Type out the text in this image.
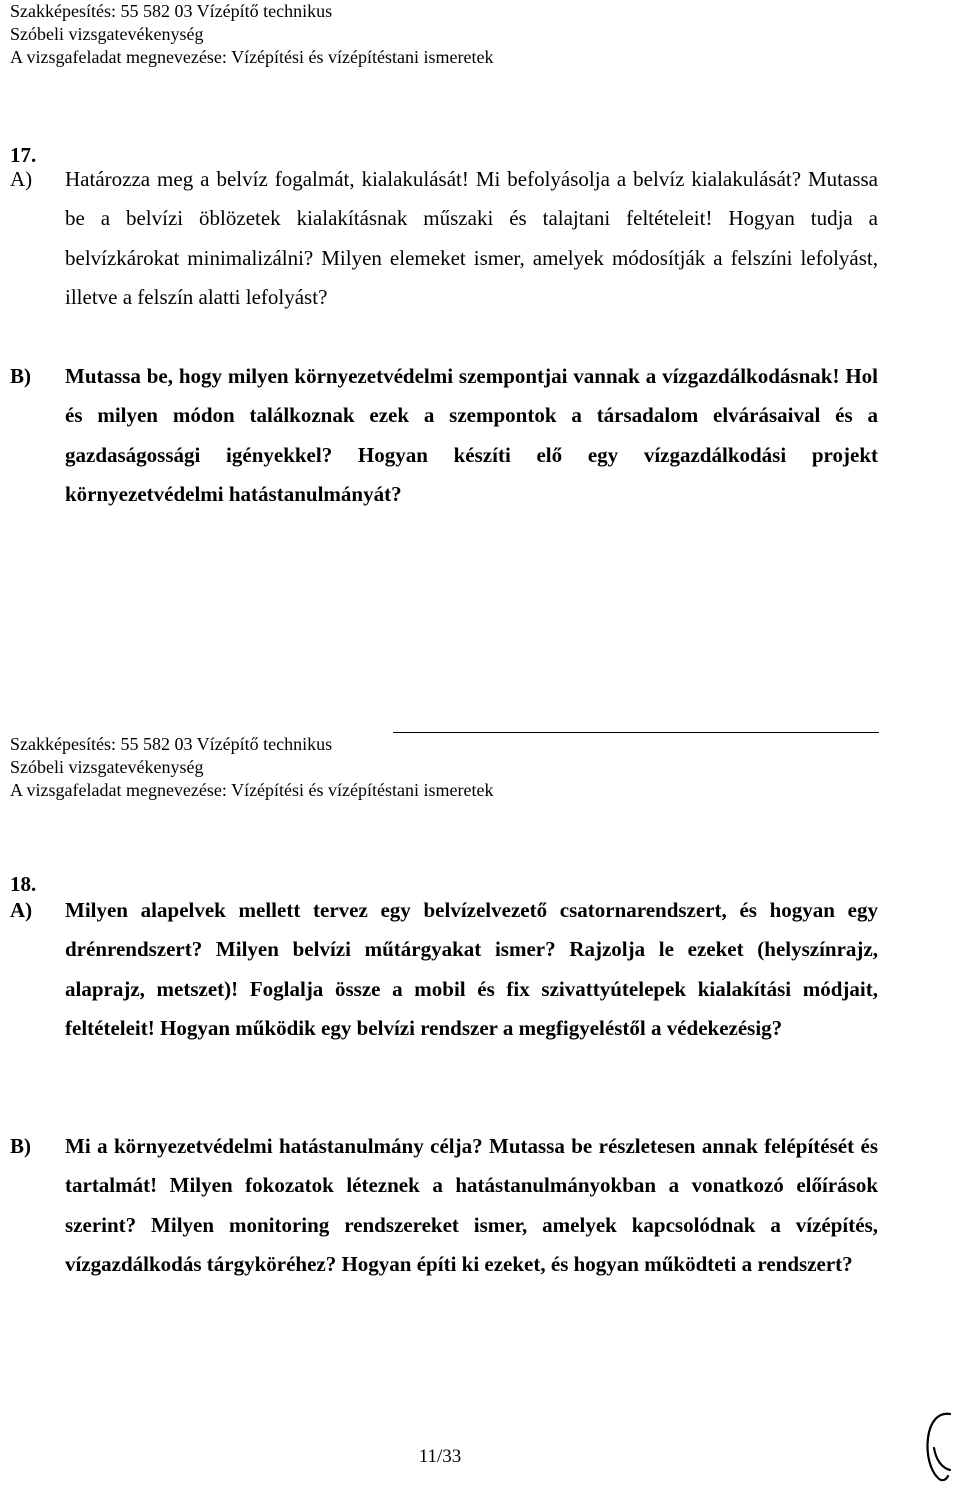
Szakképesítés: 55 582 03 Vízépítő technikus
Szóbeli vizsgatevékenység
A vizsgafeladat megnevezése: Vízépítési és vízépítéstani ismeretek
17.
A) Határozza meg a belvíz fogalmát, kialakulását! Mi befolyásolja a belvíz kialakulását? Mutassa be a belvízi öblözetek kialakításnak műszaki és talajtani feltételeit! Hogyan tudja a belvízkárokat minimalizálni? Milyen elemeket ismer, amelyek módosítják a felszíni lefolyást, illetve a felszín alatti lefolyást?
B) Mutassa be, hogy milyen környezetvédelmi szempontjai vannak a vízgazdálkodásnak! Hol és milyen módon találkoznak ezek a szempontok a társadalom elvárásaival és a gazdaságossági igényekkel? Hogyan készíti elő egy vízgazdálkodási projekt környezetvédelmi hatástanulmányát?
Szakképesítés: 55 582 03 Vízépítő technikus
Szóbeli vizsgatevékenység
A vizsgafeladat megnevezése: Vízépítési és vízépítéstani ismeretek
18.
A) Milyen alapelvek mellett tervez egy belvízelvezető csatornarendszert, és hogyan egy drénrendszert? Milyen belvízi műtárgyakat ismer? Rajzolja le ezeket (helyszínrajz, alaprajz, metszet)! Foglalja össze a mobil és fix szivattyútelepek kialakítási módjait, feltételeit! Hogyan működik egy belvízi rendszer a megfigyeléstől a védekezésig?
B) Mi a környezetvédelmi hatástanulmány célja? Mutassa be részletesen annak felépítését és tartalmát! Milyen fokozatok léteznek a hatástanulmányokban a vonatkozó előírások szerint? Milyen monitoring rendszereket ismer, amelyek kapcsolódnak a vízépítés, vízgazdálkodás tárgyköréhez? Hogyan építi ki ezeket, és hogyan működteti a rendszert?
11/33
